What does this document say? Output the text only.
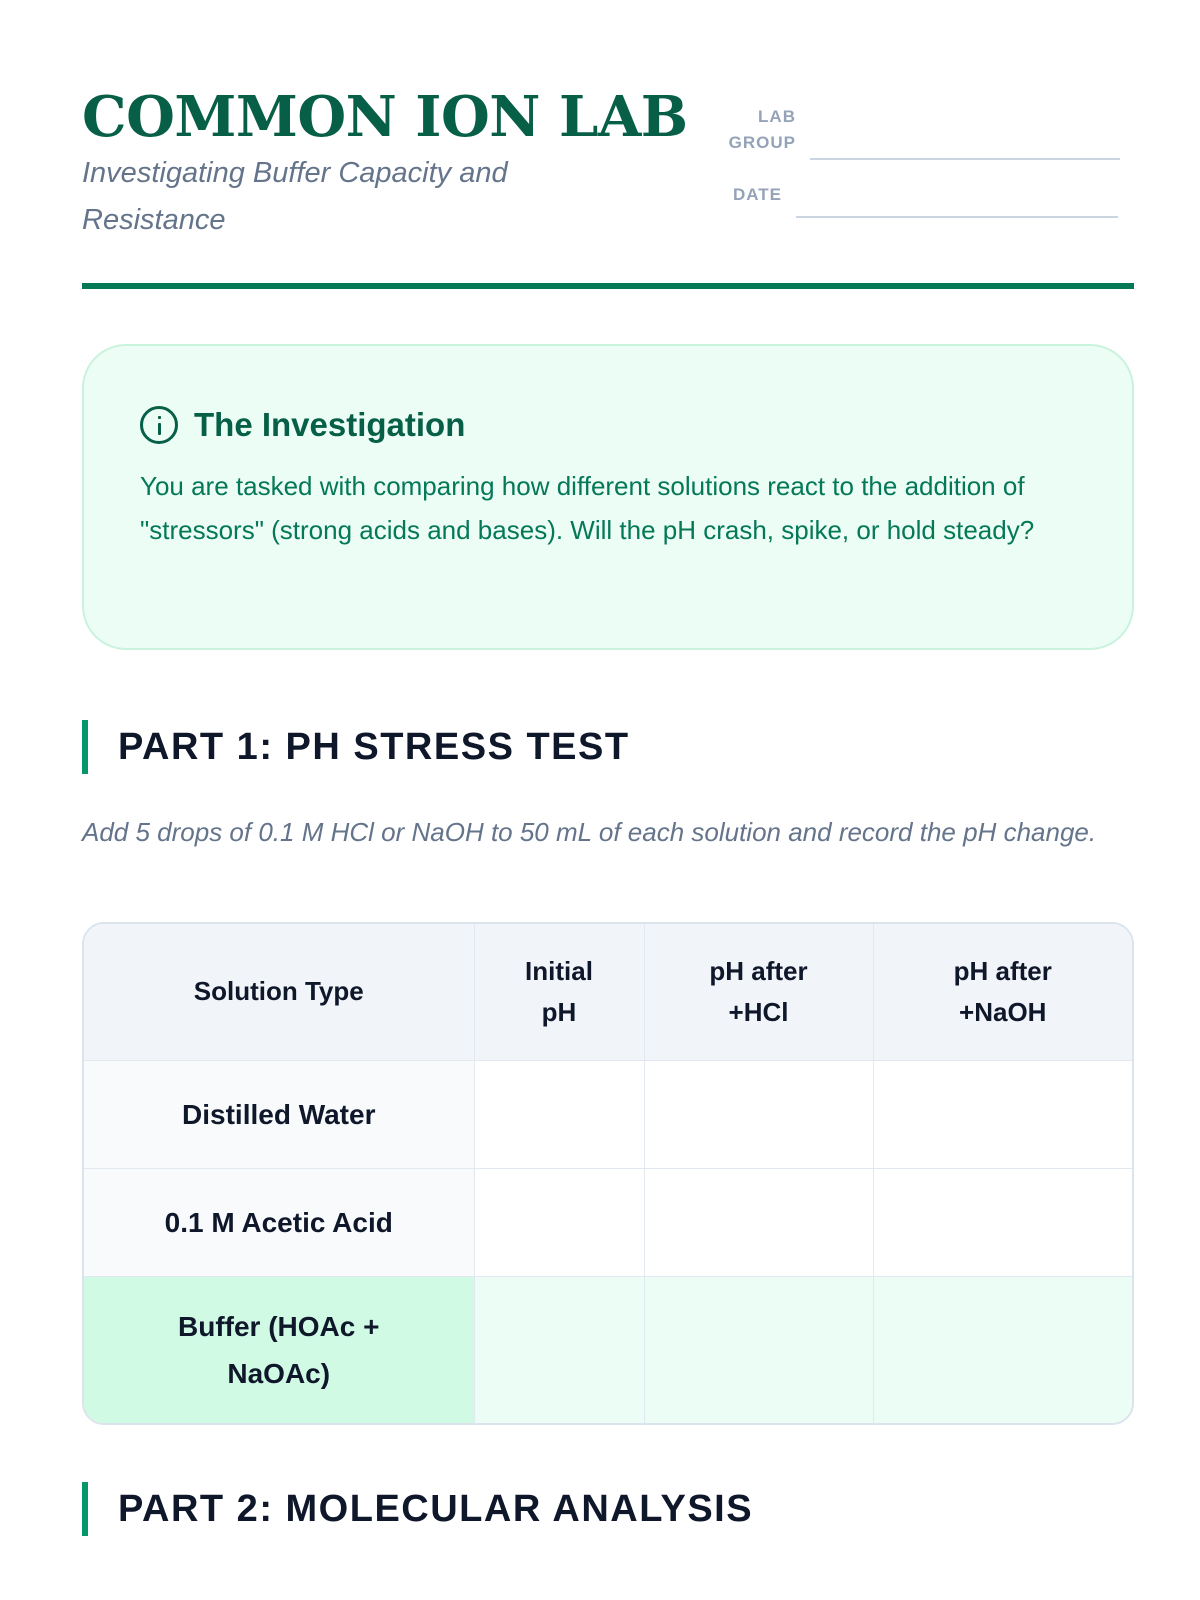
COMMON ION LAB
Investigating Buffer Capacity and Resistance
LAB GROUP
DATE
The Investigation
You are tasked with comparing how different solutions react to the addition of "stressors" (strong acids and bases). Will the pH crash, spike, or hold steady?
PART 1: PH STRESS TEST
Add 5 drops of 0.1 M HCl or NaOH to 50 mL of each solution and record the pH change.
Solution Type	Initial pH	pH after +HCl	pH after +NaOH
Distilled Water			
0.1 M Acetic Acid			
Buffer (HOAc + NaOAc)			
PART 2: MOLECULAR ANALYSIS
